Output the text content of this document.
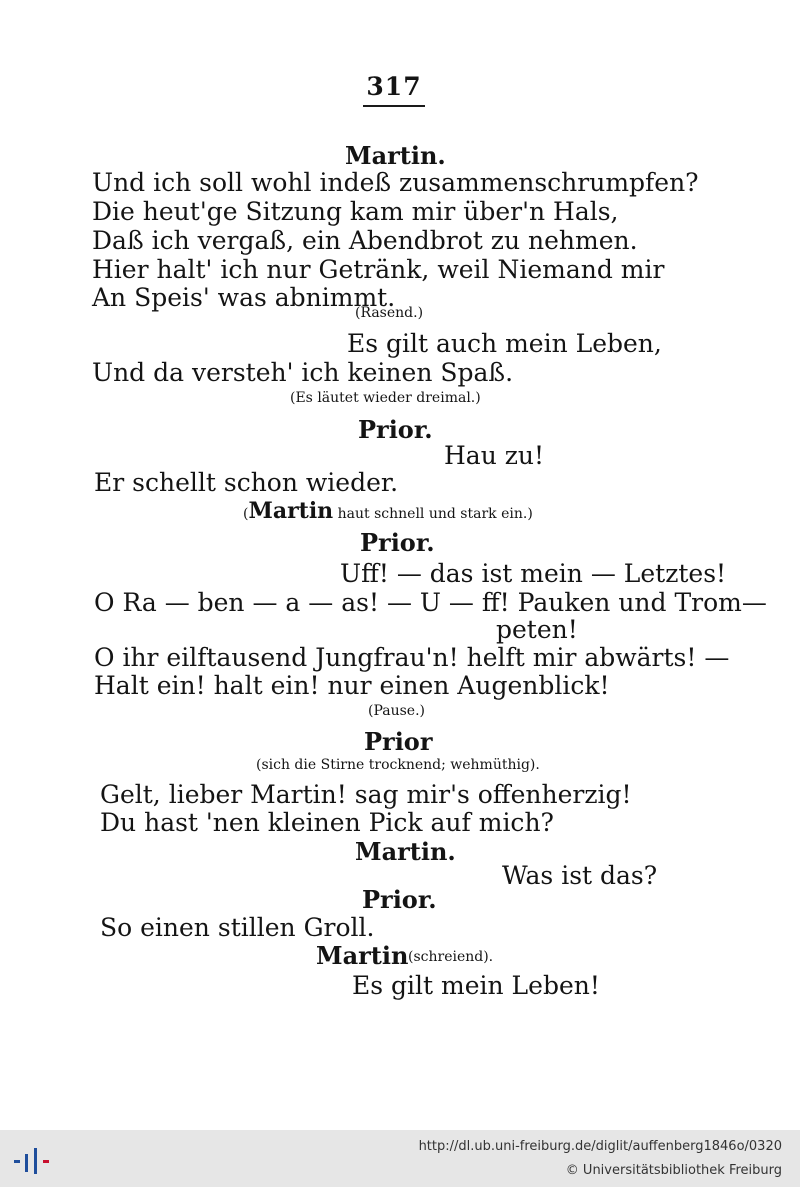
317
Martin.
Und ich soll wohl indeß zusammenschrumpfen?
Die heut'ge Sitzung kam mir über'n Hals,
Daß ich vergaß, ein Abendbrot zu nehmen.
Hier halt' ich nur Getränk, weil Niemand mir
An Speis' was abnimmt.
(Rasend.)
Es gilt auch mein Leben,
Und da versteh' ich keinen Spaß.
(Es läutet wieder dreimal.)
Prior.
Hau zu!
Er schellt schon wieder.
(Martin haut schnell und stark ein.)
Prior.
Uff! — das ist mein — Letztes!
O Ra — ben — a — as! — U — ff! Pauken und Trom—
peten!
O ihr eilftausend Jungfrau'n! helft mir abwärts! —
Halt ein! halt ein! nur einen Augenblick!
(Pause.)
Prior
(sich die Stirne trocknend; wehmüthig).
Gelt, lieber Martin! sag mir's offenherzig!
Du hast 'nen kleinen Pick auf mich?
Martin.
Was ist das?
Prior.
So einen stillen Groll.
Martin (schreiend).
Es gilt mein Leben!
http://dl.ub.uni-freiburg.de/diglit/auffenberg1846o/0320
© Universitätsbibliothek Freiburg
